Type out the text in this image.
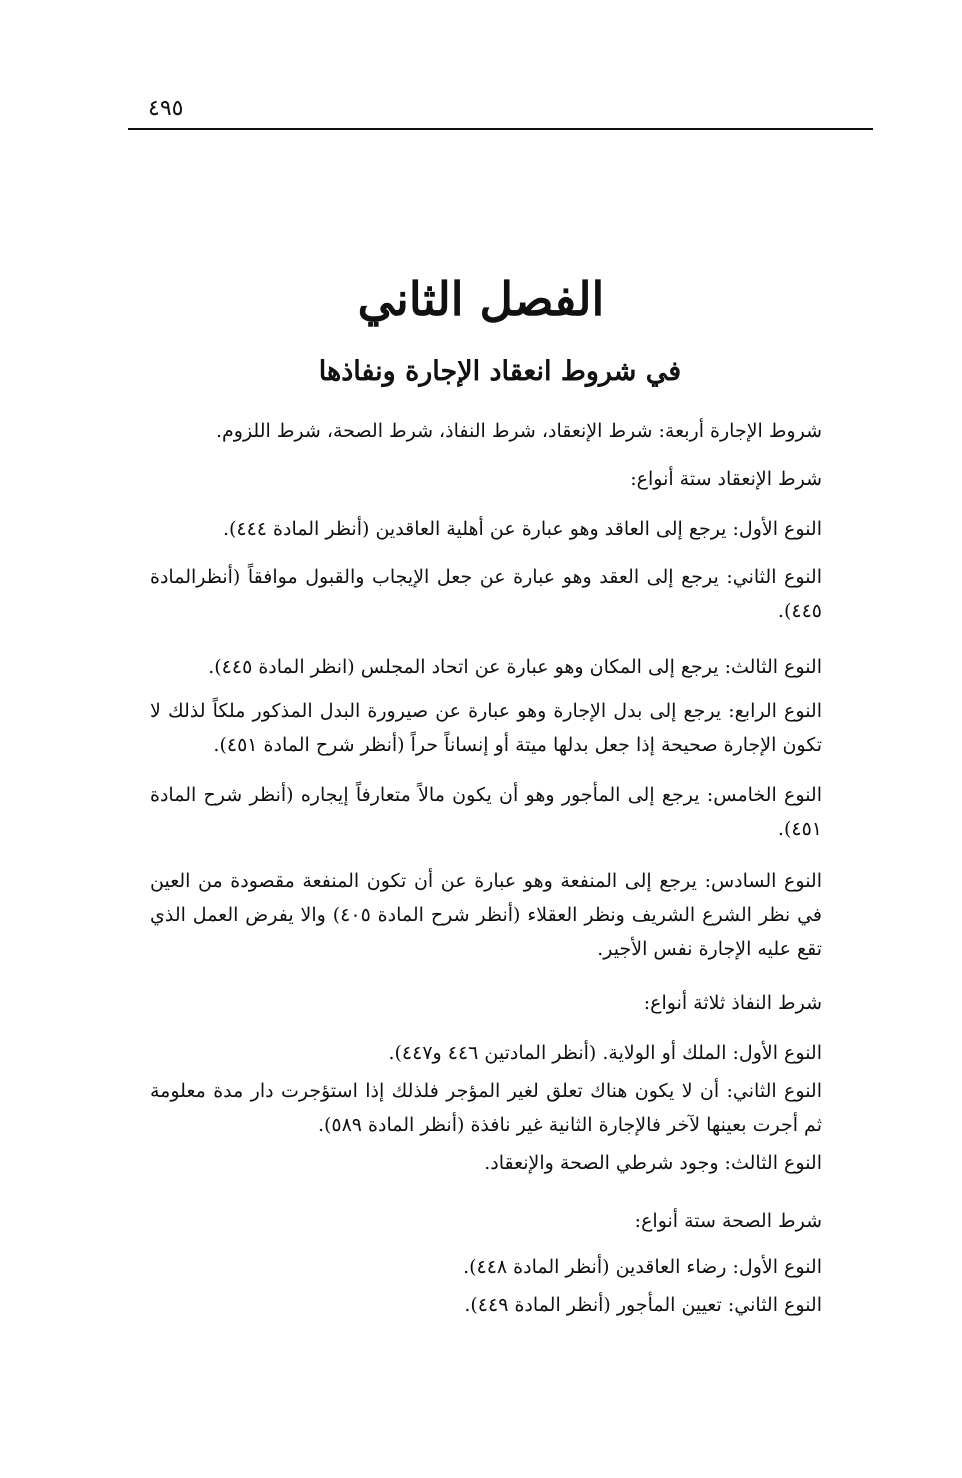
٤٩٥
الفصل الثاني
في شروط انعقاد الإجارة ونفاذها

شروط الإجارة أربعة: شرط الإنعقاد، شرط النفاذ، شرط الصحة، شرط اللزوم.

شرط الإنعقاد ستة أنواع:

النوع الأول: يرجع إلى العاقد وهو عبارة عن أهلية العاقدين (أنظر المادة ٤٤٤).

النوع الثاني: يرجع إلى العقد وهو عبارة عن جعل الإيجاب والقبول موافقاً (أنظرالمادة ٤٤٥).

النوع الثالث: يرجع إلى المكان وهو عبارة عن اتحاد المجلس (انظر المادة ٤٤٥).

النوع الرابع: يرجع إلى بدل الإجارة وهو عبارة عن صيرورة البدل المذكور ملكاً لذلك لا تكون الإجارة صحيحة إذا جعل بدلها ميتة أو إنساناً حراً (أنظر شرح المادة ٤٥١).

النوع الخامس: يرجع إلى المأجور وهو أن يكون مالاً متعارفاً إيجاره (أنظر شرح المادة ٤٥١).

النوع السادس: يرجع إلى المنفعة وهو عبارة عن أن تكون المنفعة مقصودة من العين في نظر الشرع الشريف ونظر العقلاء (أنظر شرح المادة ٤٠٥) والا يفرض العمل الذي تقع عليه الإجارة نفس الأجير.

شرط النفاذ ثلاثة أنواع:

النوع الأول: الملك أو الولاية. (أنظر المادتين ٤٤٦ و٤٤٧).

النوع الثاني: أن لا يكون هناك تعلق لغير المؤجر فلذلك إذا استؤجرت دار مدة معلومة ثم أجرت بعينها لآخر فالإجارة الثانية غير نافذة (أنظر المادة ٥٨٩).

النوع الثالث: وجود شرطي الصحة والإنعقاد.

شرط الصحة ستة أنواع:

النوع الأول: رضاء العاقدين (أنظر المادة ٤٤٨).

النوع الثاني: تعيين المأجور (أنظر المادة ٤٤٩).
